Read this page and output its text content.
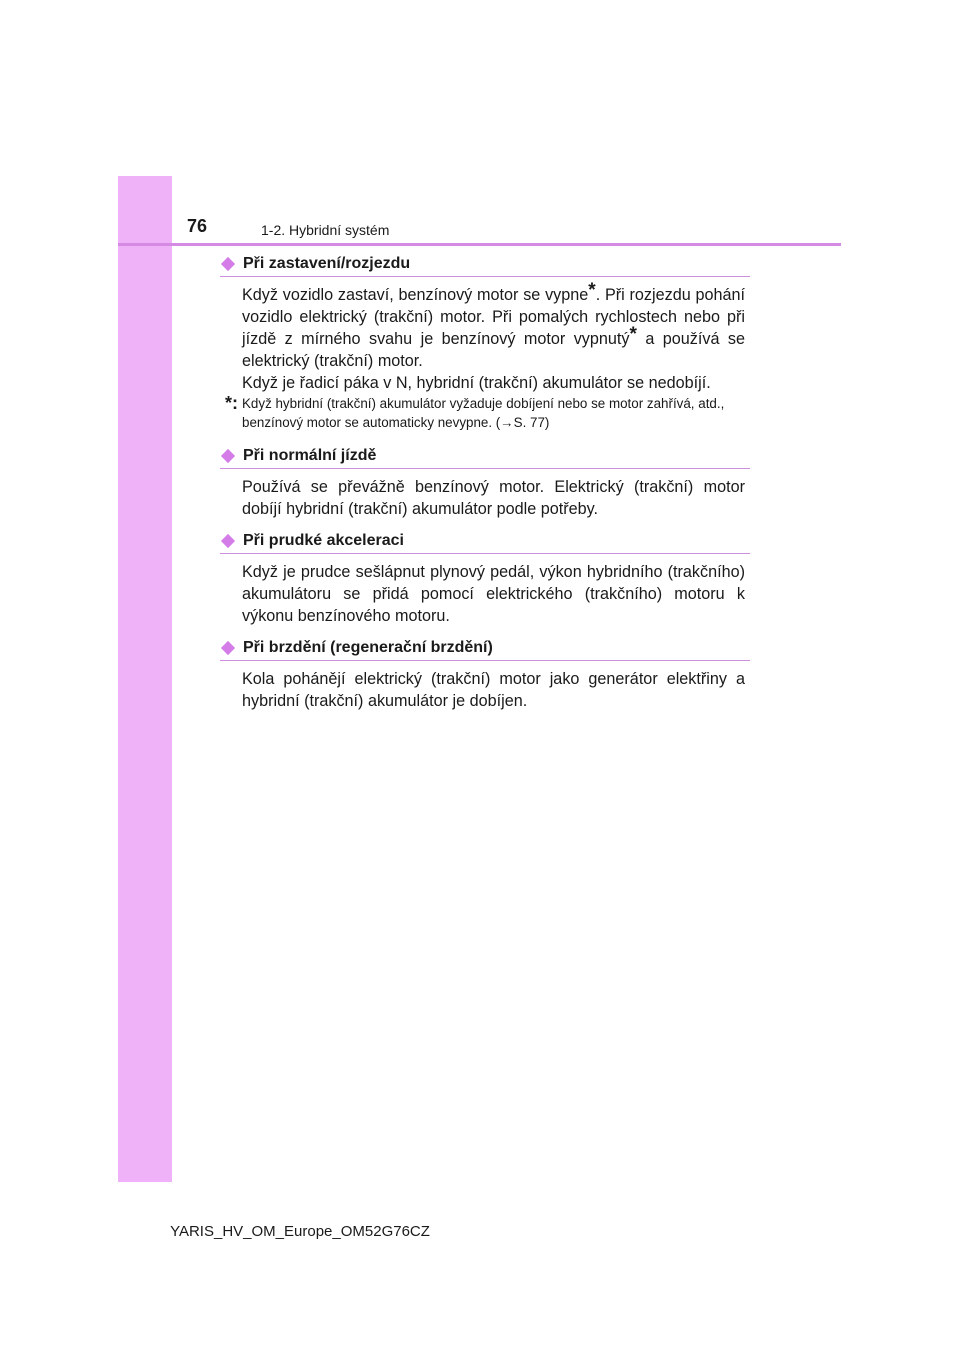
76	1-2. Hybridní systém
Při zastavení/rozjezdu

Když vozidlo zastaví, benzínový motor se vypne*. Při rozjezdu pohání vozidlo elektrický (trakční) motor. Při pomalých rychlostech nebo při jízdě z mírného svahu je benzínový motor vypnutý* a používá se elektrický (trakční) motor.

Když je řadicí páka v N, hybridní (trakční) akumulátor se nedobíjí.

*: Když hybridní (trakční) akumulátor vyžaduje dobíjení nebo se motor zahřívá, atd., benzínový motor se automaticky nevypne. (→S. 77)
Při normální jízdě

Používá se převážně benzínový motor. Elektrický (trakční) motor dobíjí hybridní (trakční) akumulátor podle potřeby.

Při prudké akceleraci

Když je prudce sešlápnut plynový pedál, výkon hybridního (trakčního) akumulátoru se přidá pomocí elektrického (trakčního) motoru k výkonu benzínového motoru.

Při brzdění (regenerační brzdění)

Kola pohánějí elektrický (trakční) motor jako generátor elektřiny a hybridní (trakční) akumulátor je dobíjen.

YARIS_HV_OM_Europe_OM52G76CZ
